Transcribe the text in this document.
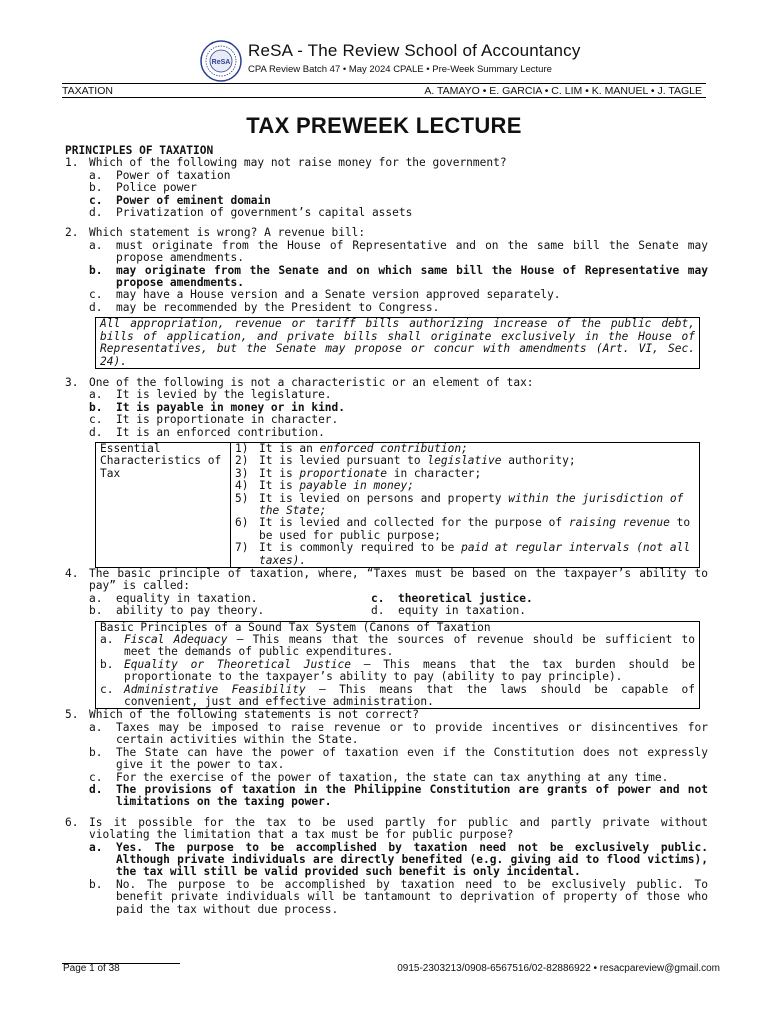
ReSA
ReSA - The Review School of Accountancy
CPA Review Batch 47 • May 2024 CPALE • Pre-Week Summary Lecture
TAXATION	A. TAMAYO • E. GARCIA • C. LIM • K. MANUEL • J. TAGLE
TAX PREWEEK LECTURE
PRINCIPLES OF TAXATION
1. Which of the following may not raise money for the government?
a.	Power of taxation
b.	Police power
c.	Power of eminent domain
d.	Privatization of government’s capital assets
2. Which statement is wrong? A revenue bill:
a.	must originate from the House of Representative and on the same bill the Senate may propose amendments.
b.	may originate from the Senate and on which same bill the House of Representative may propose amendments.
c.	may have a House version and a Senate version approved separately.
d.	may be recommended by the President to Congress.
All appropriation, revenue or tariff bills authorizing increase of the public debt, bills of application, and private bills shall originate exclusively in the House of Representatives, but the Senate may propose or concur with amendments (Art. VI, Sec. 24).
3. One of the following is not a characteristic or an element of tax:
a.	It is levied by the legislature.
b.	It is payable in money or in kind.
c.	It is proportionate in character.
d.	It is an enforced contribution.
Essential Characteristics of Tax
1) It is an enforced contribution;
2) It is levied pursuant to legislative authority;
3) It is proportionate in character;
4) It is payable in money;
5) It is levied on persons and property within the jurisdiction of the State;
6) It is levied and collected for the purpose of raising revenue to be used for public purpose;
7) It is commonly required to be paid at regular intervals (not all taxes).
4. The basic principle of taxation, where, “Taxes must be based on the taxpayer’s ability to pay” is called:
a.	equality in taxation.	c.	theoretical justice.
b.	ability to pay theory.	d.	equity in taxation.
Basic Principles of a Sound Tax System (Canons of Taxation
a. Fiscal Adequacy – This means that the sources of revenue should be sufficient to meet the demands of public expenditures.
b. Equality or Theoretical Justice – This means that the tax burden should be proportionate to the taxpayer’s ability to pay (ability to pay principle).
c. Administrative Feasibility – This means that the laws should be capable of convenient, just and effective administration.
5. Which of the following statements is not correct?
a.	Taxes may be imposed to raise revenue or to provide incentives or disincentives for certain activities within the State.
b.	The State can have the power of taxation even if the Constitution does not expressly give it the power to tax.
c.	For the exercise of the power of taxation, the state can tax anything at any time.
d.	The provisions of taxation in the Philippine Constitution are grants of power and not limitations on the taxing power.
6. Is it possible for the tax to be used partly for public and partly private without violating the limitation that a tax must be for public purpose?
a.	Yes. The purpose to be accomplished by taxation need not be exclusively public. Although private individuals are directly benefited (e.g. giving aid to flood victims), the tax will still be valid provided such benefit is only incidental.
b.	No. The purpose to be accomplished by taxation need to be exclusively public. To benefit private individuals will be tantamount to deprivation of property of those who paid the tax without due process.
Page 1 of 38	0915-2303213/0908-6567516/02-82886922 • resacpareview@gmail.com
